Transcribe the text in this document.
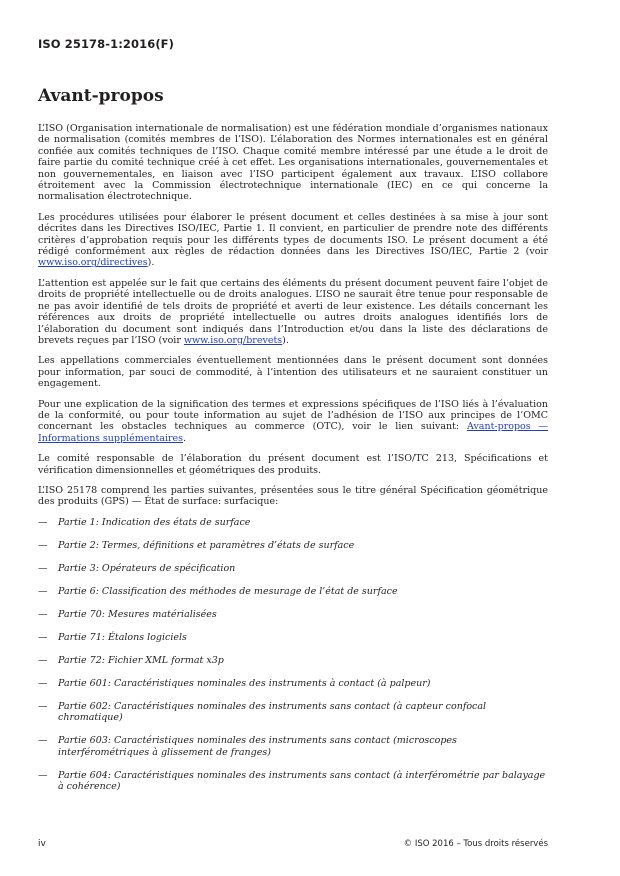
ISO 25178-1:2016(F)
Avant-propos

L’ISO (Organisation internationale de normalisation) est une fédération mondiale d’organismes nationaux de normalisation (comités membres de l’ISO). L’élaboration des Normes internationales est en général confiée aux comités techniques de l’ISO. Chaque comité membre intéressé par une étude a le droit de faire partie du comité technique créé à cet effet. Les organisations internationales, gouvernementales et non gouvernementales, en liaison avec l’ISO participent également aux travaux. L’ISO collabore étroitement avec la Commission électrotechnique internationale (IEC) en ce qui concerne la normalisation électrotechnique.

Les procédures utilisées pour élaborer le présent document et celles destinées à sa mise à jour sont décrites dans les Directives ISO/IEC, Partie 1. Il convient, en particulier de prendre note des différents critères d’approbation requis pour les différents types de documents ISO. Le présent document a été rédigé conformément aux règles de rédaction données dans les Directives ISO/IEC, Partie 2 (voir www.iso.org/directives).

L’attention est appelée sur le fait que certains des éléments du présent document peuvent faire l’objet de droits de propriété intellectuelle ou de droits analogues. L’ISO ne saurait être tenue pour responsable de ne pas avoir identifié de tels droits de propriété et averti de leur existence. Les détails concernant les références aux droits de propriété intellectuelle ou autres droits analogues identifiés lors de l’élaboration du document sont indiqués dans l’Introduction et/ou dans la liste des déclarations de brevets reçues par l’ISO (voir www.iso.org/brevets).

Les appellations commerciales éventuellement mentionnées dans le présent document sont données pour information, par souci de commodité, à l’intention des utilisateurs et ne sauraient constituer un engagement.

Pour une explication de la signification des termes et expressions spécifiques de l’ISO liés à l’évaluation de la conformité, ou pour toute information au sujet de l’adhésion de l’ISO aux principes de l’OMC concernant les obstacles techniques au commerce (OTC), voir le lien suivant: Avant-propos — Informations supplémentaires.

Le comité responsable de l’élaboration du présent document est l’ISO/TC 213, Spécifications et vérification dimensionnelles et géométriques des produits.

L’ISO 25178 comprend les parties suivantes, présentées sous le titre général Spécification géométrique des produits (GPS) — État de surface: surfacique:

— Partie 1: Indication des états de surface
— Partie 2: Termes, définitions et paramètres d’états de surface
— Partie 3: Opérateurs de spécification
— Partie 6: Classification des méthodes de mesurage de l’état de surface
— Partie 70: Mesures matérialisées
— Partie 71: Étalons logiciels
— Partie 72: Fichier XML format x3p
— Partie 601: Caractéristiques nominales des instruments à contact (à palpeur)
— Partie 602: Caractéristiques nominales des instruments sans contact (à capteur confocal chromatique)
— Partie 603: Caractéristiques nominales des instruments sans contact (microscopes interférométriques à glissement de franges)
— Partie 604: Caractéristiques nominales des instruments sans contact (à interférométrie par balayage à cohérence)
iv	© ISO 2016 – Tous droits réservés
